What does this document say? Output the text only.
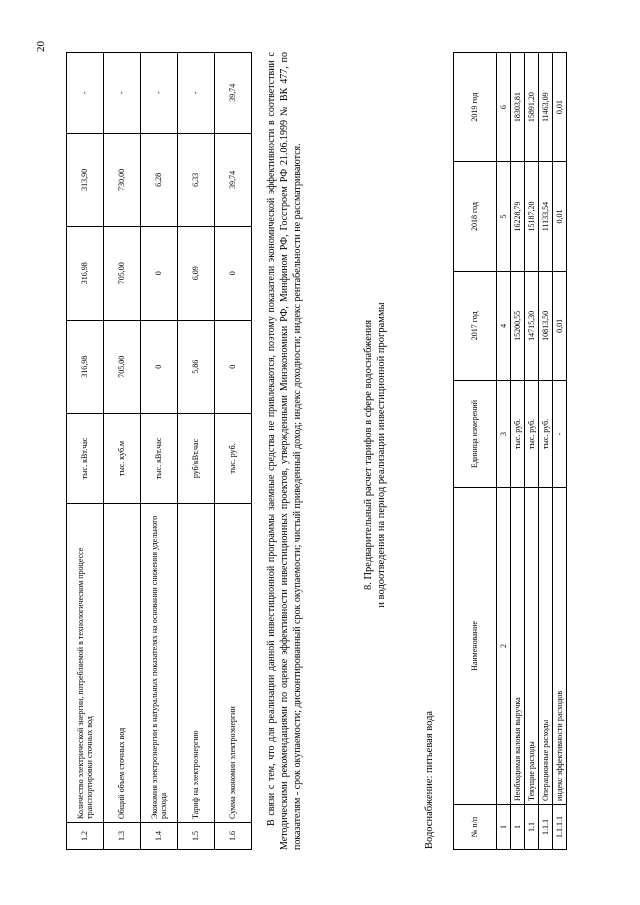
20
1.2	Количество электрической энергии, потребляемой в технологическом процессе транспортировки сточных вод	тыс. кВт.час	316,98	316,98	313,90	-
1.3	Общий объем сточных вод	тыс. куб.м	705,00	705,00	730,00	-
1.4	Экономия электроэнергии в натуральных показателях на основании снижения удельного расхода	тыс. кВт.час	0	0	6,28	-
1.5	Тариф на электроэнергию	руб/кВт.час	5,86	6,09	6,33	-
1.6	Сумма экономии электроэнергии	тыс. руб.	0	0	39,74	39,74	В связи с тем, что для реализации данной инвестиционной программы заемные средства не привлекаются, поэтому показатели экономической эффективности в соответствии с Методическими рекомендациями по оценке эффективности инвестиционных проектов, утвержденными Минэкономики РФ, Минфином РФ, Госстроем РФ 21.06.1999 № ВК 477, по показателям - срок окупаемости; дисконтированный срок окупаемости; чистый приведенный доход; индекс доходности; индекс рентабельности не рассматриваются.	8. Предварительный расчет тарифов в сфере водоснабжения и водоотведения на период реализации инвестиционной программы
Водоснабжение: питьевая вода	№ п/п	Наименование	Единица измерений	2017 год	2018 год	2019 год
1	2	3	4	5	6
1	Необходимая валовая выручка	тыс. руб.	15200,55	16228,79	18303,81
1.1	Текущие расходы	тыс. руб.	14715,30	15187,20	15891,20
1.1.1	Операционные расходы	тыс. руб.	10813,50	11133,54	11463,09
1.1.1.1	индекс эффективности расходов	-	0,01	0,01	0,01
